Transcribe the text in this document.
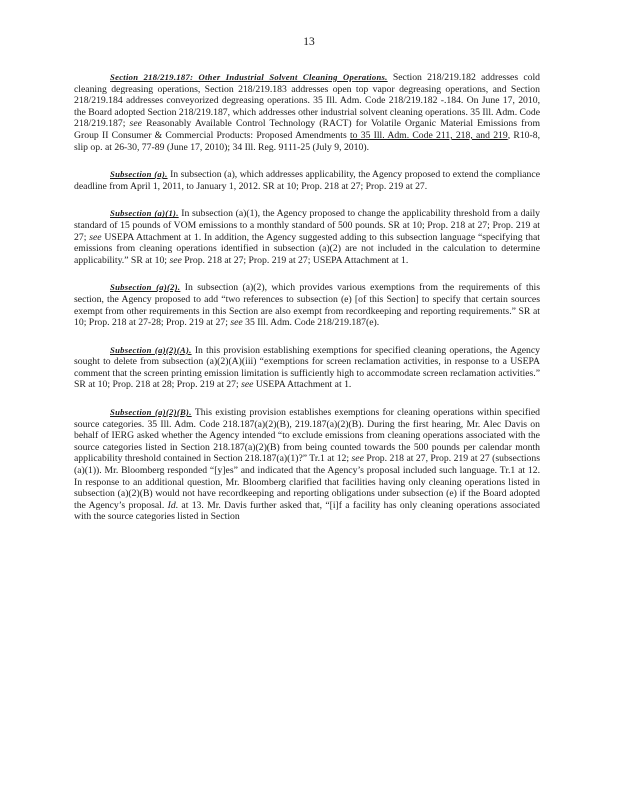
13

Section 218/219.187: Other Industrial Solvent Cleaning Operations. Section 218/219.182 addresses cold cleaning degreasing operations, Section 218/219.183 addresses open top vapor degreasing operations, and Section 218/219.184 addresses conveyorized degreasing operations. 35 Ill. Adm. Code 218/219.182 -.184. On June 17, 2010, the Board adopted Section 218/219.187, which addresses other industrial solvent cleaning operations. 35 Ill. Adm. Code 218/219.187; see Reasonably Available Control Technology (RACT) for Volatile Organic Material Emissions from Group II Consumer & Commercial Products: Proposed Amendments to 35 Ill. Adm. Code 211, 218, and 219, R10-8, slip op. at 26-30, 77-89 (June 17, 2010); 34 Ill. Reg. 9111-25 (July 9, 2010).

Subsection (a). In subsection (a), which addresses applicability, the Agency proposed to extend the compliance deadline from April 1, 2011, to January 1, 2012. SR at 10; Prop. 218 at 27; Prop. 219 at 27.

Subsection (a)(1). In subsection (a)(1), the Agency proposed to change the applicability threshold from a daily standard of 15 pounds of VOM emissions to a monthly standard of 500 pounds. SR at 10; Prop. 218 at 27; Prop. 219 at 27; see USEPA Attachment at 1. In addition, the Agency suggested adding to this subsection language “specifying that emissions from cleaning operations identified in subsection (a)(2) are not included in the calculation to determine applicability.” SR at 10; see Prop. 218 at 27; Prop. 219 at 27; USEPA Attachment at 1.

Subsection (a)(2). In subsection (a)(2), which provides various exemptions from the requirements of this section, the Agency proposed to add “two references to subsection (e) [of this Section] to specify that certain sources exempt from other requirements in this Section are also exempt from recordkeeping and reporting requirements.” SR at 10; Prop. 218 at 27-28; Prop. 219 at 27; see 35 Ill. Adm. Code 218/219.187(e).

Subsection (a)(2)(A). In this provision establishing exemptions for specified cleaning operations, the Agency sought to delete from subsection (a)(2)(A)(iii) “exemptions for screen reclamation activities, in response to a USEPA comment that the screen printing emission limitation is sufficiently high to accommodate screen reclamation activities.” SR at 10; Prop. 218 at 28; Prop. 219 at 27; see USEPA Attachment at 1.

Subsection (a)(2)(B). This existing provision establishes exemptions for cleaning operations within specified source categories. 35 Ill. Adm. Code 218.187(a)(2)(B), 219.187(a)(2)(B). During the first hearing, Mr. Alec Davis on behalf of IERG asked whether the Agency intended “to exclude emissions from cleaning operations associated with the source categories listed in Section 218.187(a)(2)(B) from being counted towards the 500 pounds per calendar month applicability threshold contained in Section 218.187(a)(1)?” Tr.1 at 12; see Prop. 218 at 27, Prop. 219 at 27 (subsections (a)(1)). Mr. Bloomberg responded “[y]es” and indicated that the Agency’s proposal included such language. Tr.1 at 12. In response to an additional question, Mr. Bloomberg clarified that facilities having only cleaning operations listed in subsection (a)(2)(B) would not have recordkeeping and reporting obligations under subsection (e) if the Board adopted the Agency’s proposal. Id. at 13. Mr. Davis further asked that, “[i]f a facility has only cleaning operations associated with the source categories listed in Section
